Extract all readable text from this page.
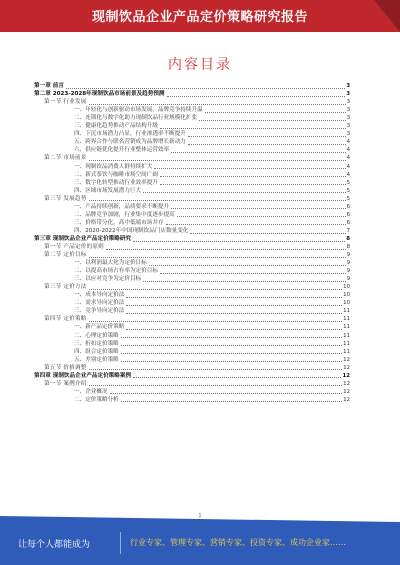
现制饮品企业产品定价策略研究报告
内容目录
第一章 前言	3
第二章 2023-2028年现制饮品市场前景及趋势预测	3
第一节 行业发展	3
一、年轻化与创新驱动市场发展，品牌竞争持续升温	3
二、连锁化与数字化助力现制饮品行业规模化扩张	3
三、健康化趋势推动产品结构升级	3
四、下沉市场潜力凸显，行业渗透率不断提升	3
五、跨界合作与联名营销成为品牌增长新动力	4
六、供应链优化提升行业整体运营效率	4
第二节 市场前景	4
一、现制饮品消费人群持续扩大	4
二、新式茶饮与咖啡市场空间广阔	4
三、数字化转型推动行业效率提升	5
四、区域市场发展潜力巨大	5
第三节 发展趋势	5
一、产品持续创新，品质要求不断提升	6
二、品牌竞争加剧，行业集中度逐步提高	6
三、价格带分化，高中低端市场并存	6
四、2020-2022年中国现制饮品门店数量变化	7
第三章 现制饮品企业产品定价策略研究	8
第一节 产品定价的原则	8
第二节 定价目标	9
一、以利润最大化为定价目标	9
二、以提高市场占有率为定价目标	9
三、以应对竞争为定价目标	9
第三节 定价方法	10
一、成本导向定价法	10
二、需求导向定价法	10
三、竞争导向定价法	11
第四节 定价策略	11
一、新产品定价策略	11
二、心理定价策略	11
三、折扣定价策略	11
四、组合定价策略	11
五、差别定价策略	12
第五节 价格调整	12
第四章 现制饮品企业产品定价策略案例	12
第一节 案例介绍	12
一、企业概况	12
二、定价策略分析	12
1
让每个人都能成为	行业专家、管理专家、营销专家、投资专家、成功企业家……
